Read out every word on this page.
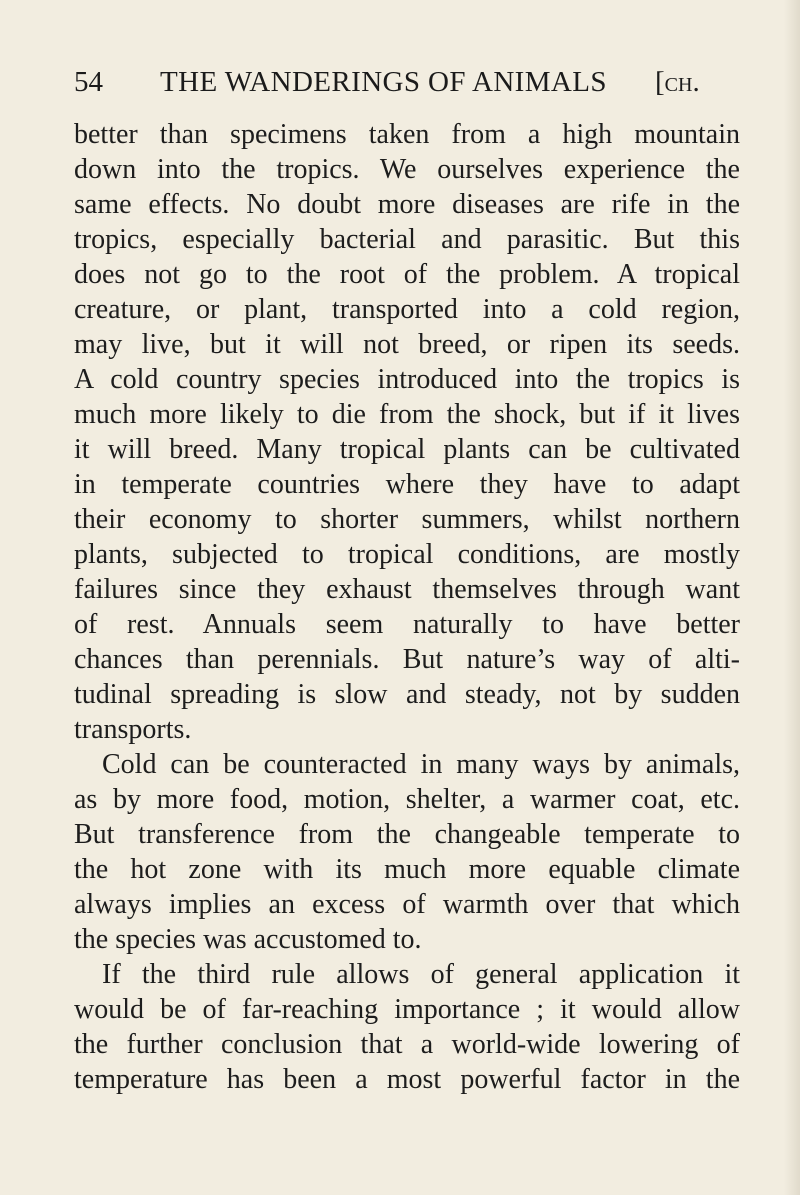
54 THE WANDERINGS OF ANIMALS [ch.
better than specimens taken from a high mountain
down into the tropics. We ourselves experience the
same effects. No doubt more diseases are rife in the
tropics, especially bacterial and parasitic. But this
does not go to the root of the problem. A tropical
creature, or plant, transported into a cold region,
may live, but it will not breed, or ripen its seeds.
A cold country species introduced into the tropics is
much more likely to die from the shock, but if it lives
it will breed. Many tropical plants can be cultivated
in temperate countries where they have to adapt
their economy to shorter summers, whilst northern
plants, subjected to tropical conditions, are mostly
failures since they exhaust themselves through want
of rest. Annuals seem naturally to have better
chances than perennials. But nature’s way of alti-
tudinal spreading is slow and steady, not by sudden
transports.
Cold can be counteracted in many ways by animals,
as by more food, motion, shelter, a warmer coat, etc.
But transference from the changeable temperate to
the hot zone with its much more equable climate
always implies an excess of warmth over that which
the species was accustomed to.
If the third rule allows of general application it
would be of far-reaching importance ; it would allow
the further conclusion that a world-wide lowering of
temperature has been a most powerful factor in the
